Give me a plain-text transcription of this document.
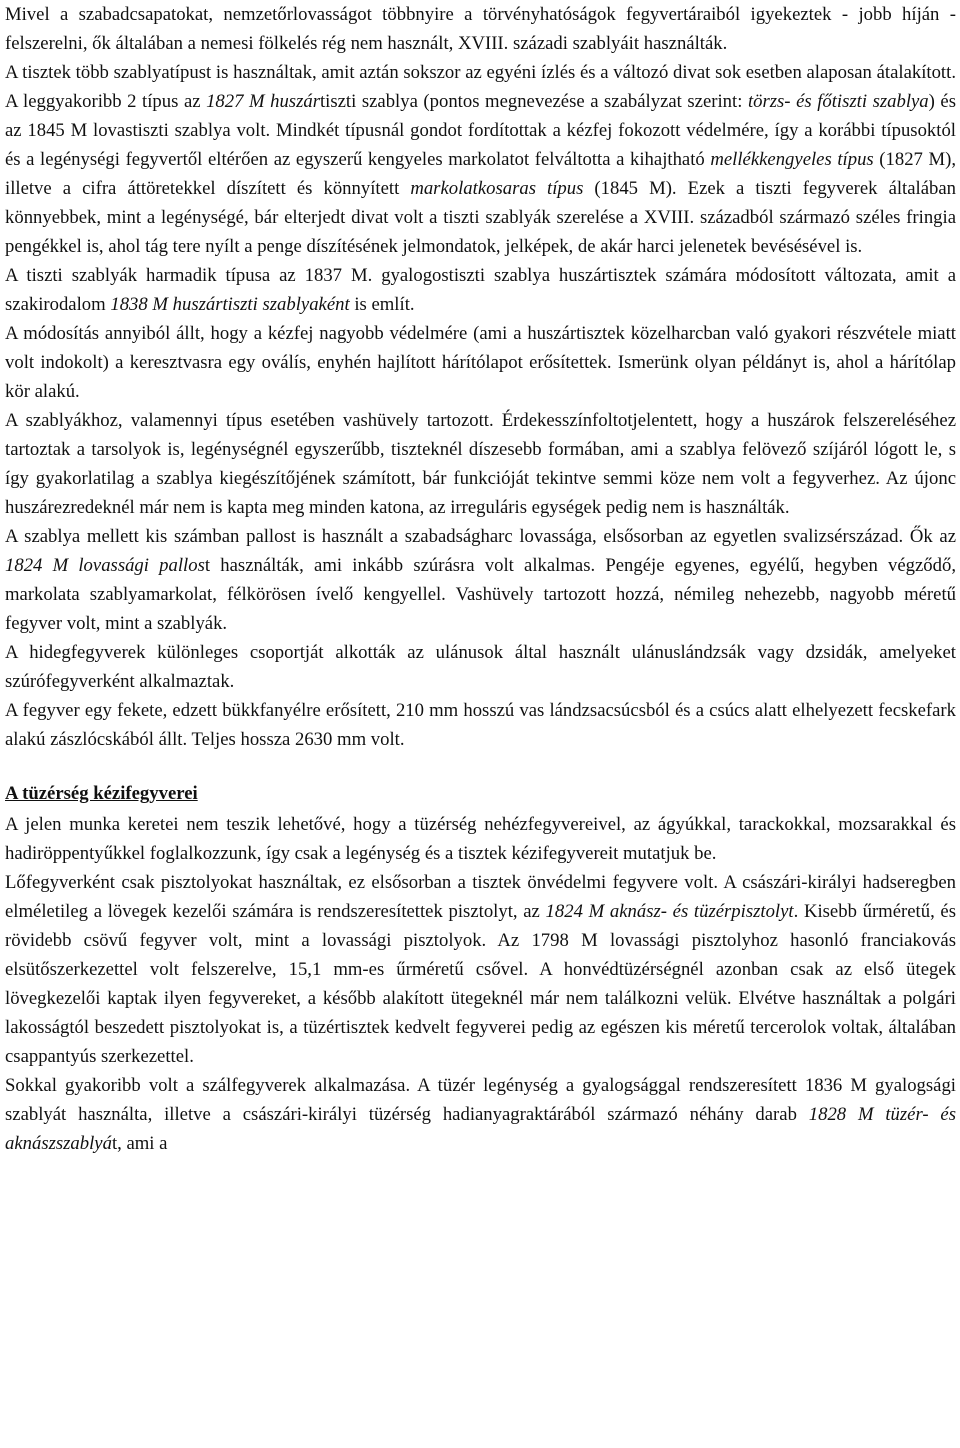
Mivel a szabadcsapatokat, nemzetőrlovasságot többnyire a törvényhatóságok fegyvertáraiból igyekeztek - jobb híján - felszerelni, ők általában a nemesi fölkelés rég nem használt, XVIII. századi szablyáit használták.

A tisztek több szablyatípust is használtak, amit aztán sokszor az egyéni ízlés és a változó divat sok esetben alaposan átalakított. A leggyakoribb 2 típus az 1827 M huszártiszti szablya (pontos megnevezése a szabályzat szerint: törzs- és főtiszti szablya) és az 1845 M lovastiszti szablya volt. Mindkét típusnál gondot fordítottak a kézfej fokozott védelmére, így a korábbi típusoktól és a legénységi fegyvertől eltérően az egyszerű kengyeles markolatot felváltotta a kihajtható mellékkengyeles típus (1827 M), illetve a cifra áttöretekkel díszített és könnyített markolatkosaras típus (1845 M). Ezek a tiszti fegyverek általában könnyebbek, mint a legénységé, bár elterjedt divat volt a tiszti szablyák szerelése a XVIII. századból származó széles fringia pengékkel is, ahol tág tere nyílt a penge díszítésének jelmondatok, jelképek, de akár harci jelenetek bevésésével is.

A tiszti szablyák harmadik típusa az 1837 M. gyalogostiszti szablya huszártisztek számára módosított változata, amit a szakirodalom 1838 M huszártiszti szablyaként is említ.

A módosítás annyiból állt, hogy a kézfej nagyobb védelmére (ami a huszártisztek közelharcban való gyakori részvétele miatt volt indokolt) a keresztvasra egy oválís, enyhén hajlított hárítólapot erősítettek. Ismerünk olyan példányt is, ahol a hárítólap kör alakú.

A szablyákhoz, valamennyi típus esetében vashüvely tartozott. Érdekesszínfoltotjelentett, hogy a huszárok felszereléséhez tartoztak a tarsolyok is, legénységnél egyszerűbb, tiszteknél díszesebb formában, ami a szablya felövező szíjáról lógott le, s így gyakorlatilag a szablya kiegészítőjének számított, bár funkcióját tekintve semmi köze nem volt a fegyverhez. Az újonc huszárezredeknél már nem is kapta meg minden katona, az irreguláris egységek pedig nem is használták.

A szablya mellett kis számban pallost is használt a szabadságharc lovassága, elsősorban az egyetlen svalizsérszázad. Ők az 1824 M lovassági pallost használták, ami inkább szúrásra volt alkalmas. Pengéje egyenes, egyélű, hegyben végződő, markolata szablyamarkolat, félkörösen ívelő kengyellel. Vashüvely tartozott hozzá, némileg nehezebb, nagyobb méretű fegyver volt, mint a szablyák.

A hidegfegyverek különleges csoportját alkották az ulánusok által használt ulánusl​ándzsák vagy dzsidák, amelyeket szúrófegyverként alkalmaztak.

A fegyver egy fekete, edzett bükkfanyélre erősített, 210 mm hosszú vas lándzsacsúcsból és a csúcs alatt elhelyezett fecskefark alakú zászlócskából állt. Teljes hossza 2630 mm volt.

A tüzérség kézifegyverei

A jelen munka keretei nem teszik lehetővé, hogy a tüzérség nehézfegyvereivel, az ágyúkkal, tarackokkal, mozsarakkal és hadiröppentyűkkel foglalkozzunk, így csak a legénység és a tisztek kézifegyvereit mutatjuk be.

Lőfegyverként csak pisztolyokat használtak, ez elsősorban a tisztek önvédelmi fegyvere volt. A császári-királyi hadseregben elméletileg a lövegek kezelői számára is rendszeresítettek pisztolyt, az 1824 M aknász- és tüzérpisztolyt. Kisebb űrméretű, és rövidebb csövű fegyver volt, mint a lovassági pisztolyok. Az 1798 M lovassági pisztolyhoz hasonló franciakovás elsütőszerkezettel volt felszerelve, 15,1 mm-es űrméretű csővel. A honvédtüzérségnél azonban csak az első ütegek lövegkezelői kaptak ilyen fegyvereket, a később alakított ütegeknél már nem találkozni velük. Elvétve használtak a polgári lakosságtól beszedett pisztolyokat is, a tüzértisztek kedvelt fegyverei pedig az egészen kis méretű tercerolok voltak, általában csappantyús szerkezettel.

Sokkal gyakoribb volt a szálfegyverek alkalmazása. A tüzér legénység a gyalogsággal rendszeresített 1836 M gyalogsági szablyát használta, illetve a császári-királyi tüzérség hadianyagraktárából származó néhány darab 1828 M tüzér- és aknászszablyát, ami a
